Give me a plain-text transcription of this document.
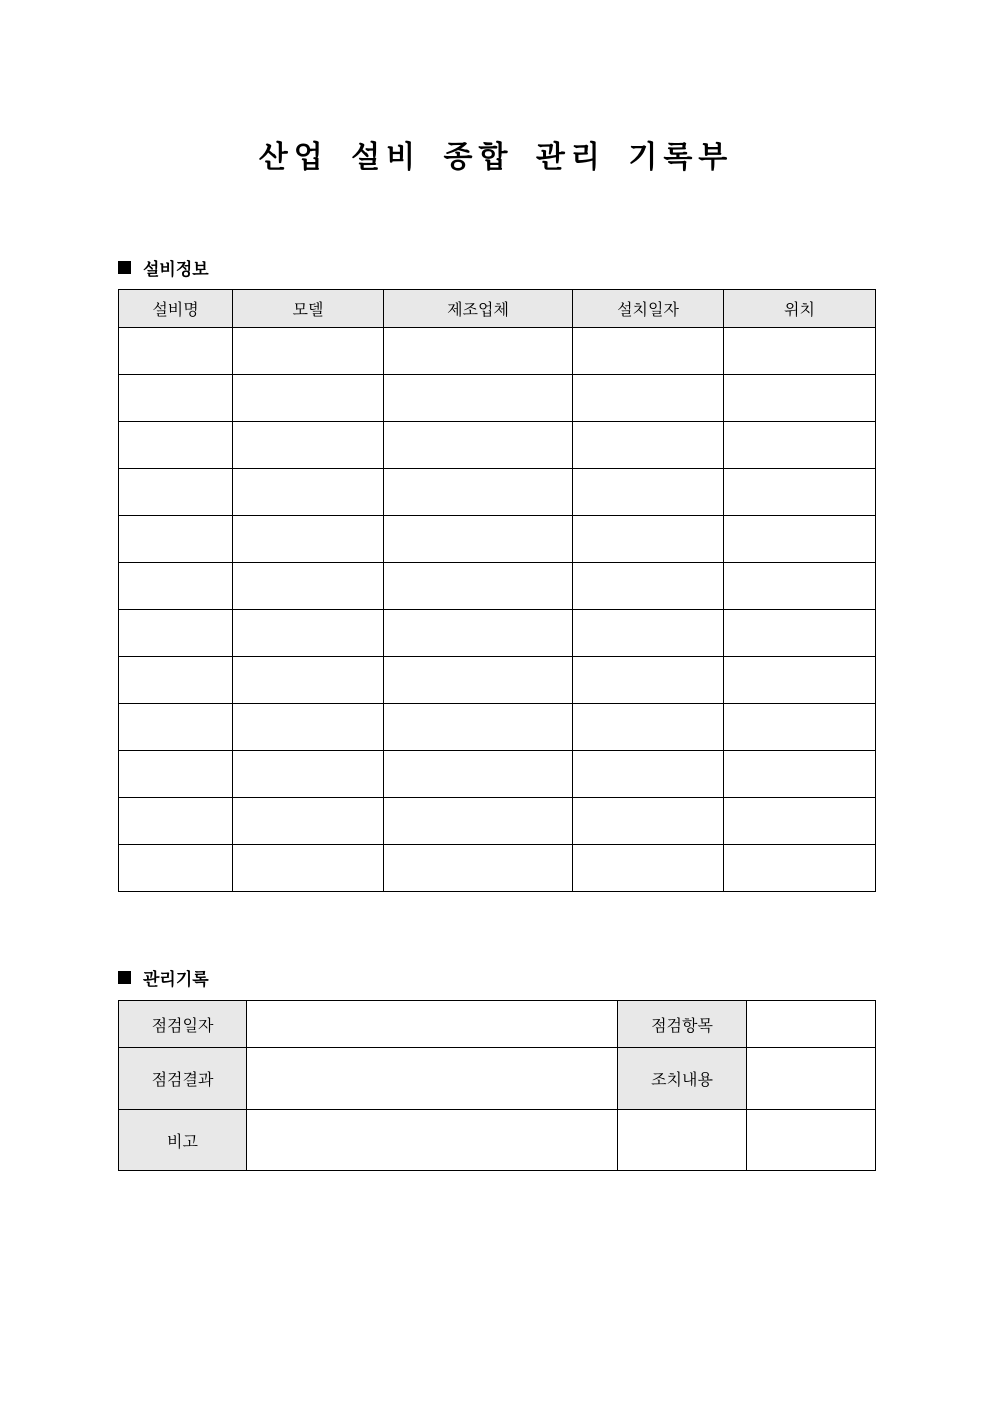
산업 설비 종합 관리 기록부
설비정보
설비명	모델	제조업체	설치일자	위치

관리기록
점검일자		점검항목	
점검결과		조치내용	
비고			
